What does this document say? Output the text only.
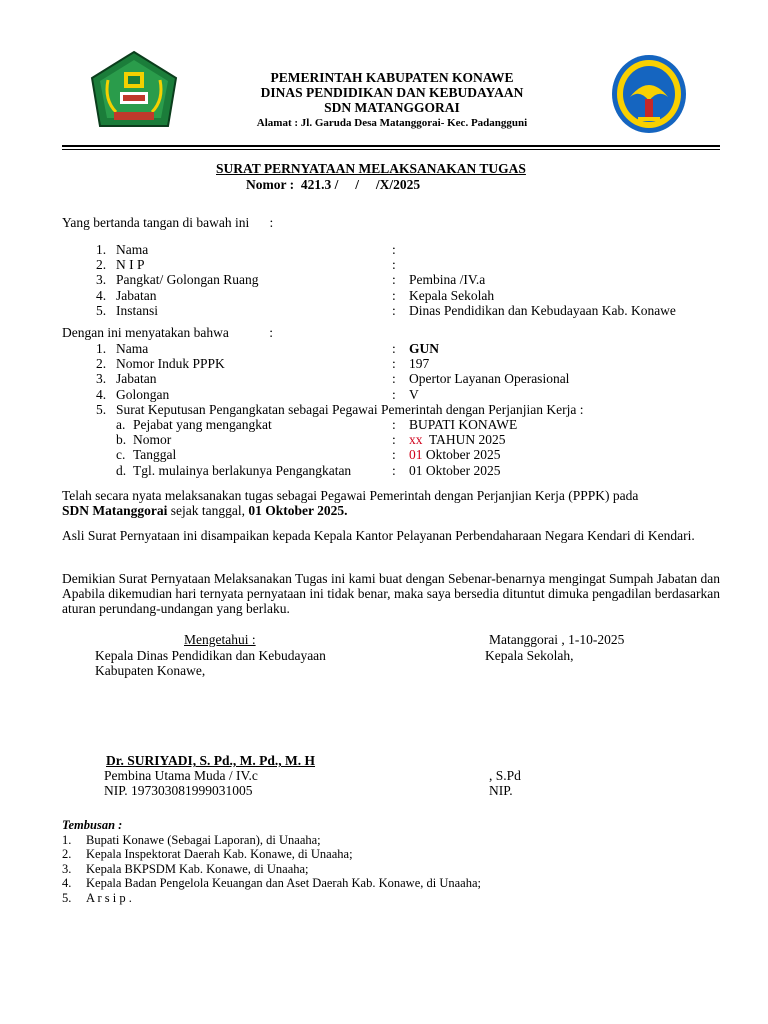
PEMERINTAH KABUPATEN KONAWE
DINAS PENDIDIKAN DAN KEBUDAYAAN
SDN MATANGGORAI
Alamat : Jl. Garuda Desa Matanggorai- Kec. Padangguni
SURAT PERNYATAAN MELAKSANAKAN TUGAS
Nomor :  421.3 /     /     /X/2025
Yang bertanda tangan di bawah ini      :
1. Nama	:
2. N I P	:
3. Pangkat/ Golongan Ruang	: Pembina /IV.a
4. Jabatan	: Kepala Sekolah
5. Instansi	: Dinas Pendidikan dan Kebudayaan Kab. Konawe
Dengan ini menyatakan bahwa            :
1. Nama	: GUN
2. Nomor Induk PPPK	: 197
3. Jabatan	: Opertor Layanan Operasional
4. Golongan	: V
5. Surat Keputusan Pengangkatan sebagai Pegawai Pemerintah dengan Perjanjian Kerja :
a. Pejabat yang mengangkat	: BUPATI KONAWE
b. Nomor	: xx  TAHUN 2025
c. Tanggal	: 01 Oktober 2025
d. Tgl. mulainya berlakunya Pengangkatan	: 01 Oktober 2025
Telah secara nyata melaksanakan tugas sebagai Pegawai Pemerintah dengan Perjanjian Kerja (PPPK) pada
SDN Matanggorai sejak tanggal, 01 Oktober 2025.
Asli Surat Pernyataan ini disampaikan kepada Kepala Kantor Pelayanan Perbendaharaan Negara Kendari di Kendari.
Demikian Surat Pernyataan Melaksanakan Tugas ini kami buat dengan Sebenar-benarnya mengingat Sumpah Jabatan dan Apabila dikemudian hari ternyata pernyataan ini tidak benar, maka saya bersedia dituntut dimuka pengadilan berdasarkan aturan perundang-undangan yang berlaku.
Mengetahui :
Kepala Dinas Pendidikan dan Kebudayaan
Kabupaten Konawe,
Matanggorai , 1-10-2025
Kepala Sekolah,
Dr. SURIYADI, S. Pd., M. Pd., M. H
Pembina Utama Muda / IV.c
NIP. 197303081999031005
, S.Pd
NIP.
Tembusan :
1.	Bupati Konawe (Sebagai Laporan), di Unaaha;
2.	Kepala Inspektorat Daerah Kab. Konawe, di Unaaha;
3.	Kepala BKPSDM Kab. Konawe, di Unaaha;
4.	Kepala Badan Pengelola Keuangan dan Aset Daerah Kab. Konawe, di Unaaha;
5.	A r s i p .
